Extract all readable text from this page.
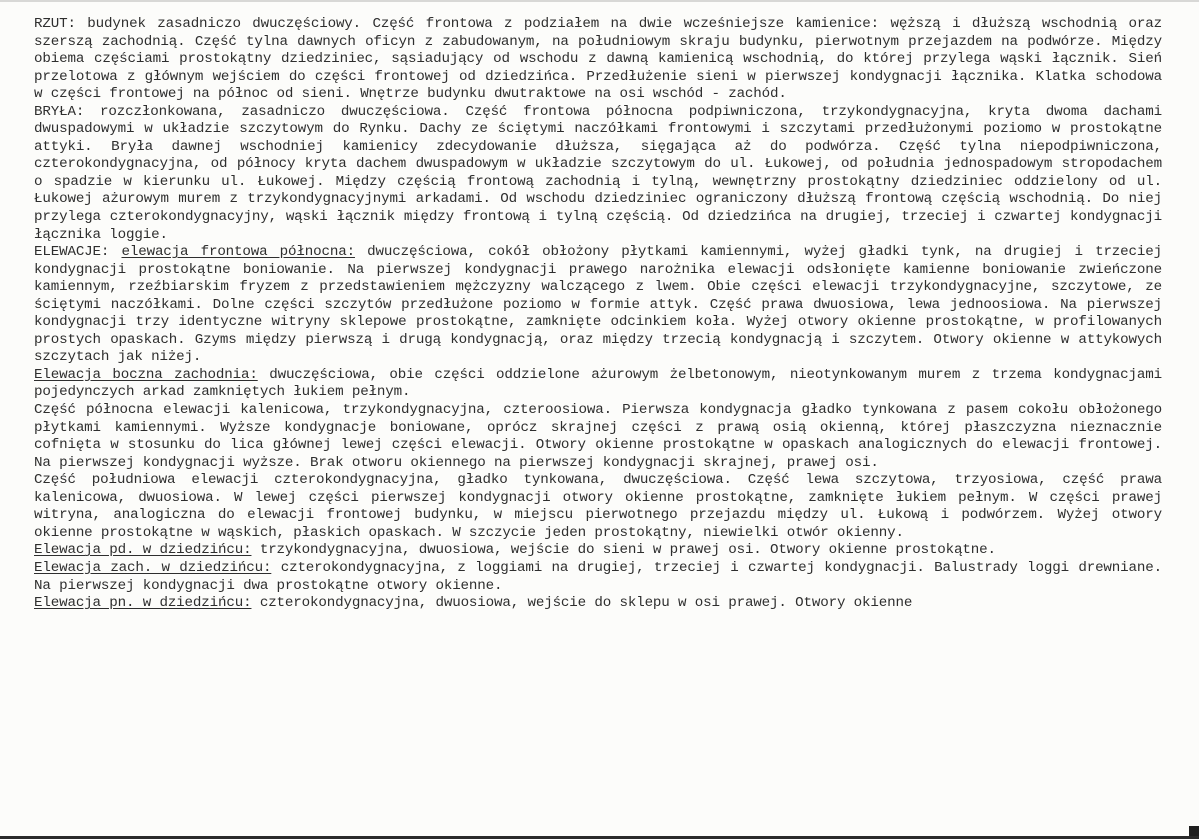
RZUT: budynek zasadniczo dwuczęściowy. Część frontowa z podziałem na dwie wcześniejsze kamienice: węższą i dłuższą wschodnią oraz szerszą zachodnią. Część tylna dawnych oficyn z zabudowanym, na południowym skraju budynku, pierwotnym przejazdem na podwórze. Między obiema częściami prostokątny dziedziniec, sąsiadujący od wschodu z dawną kamienicą wschodnią, do której przylega wąski łącznik. Sień przelotowa z głównym wejściem do części frontowej od dziedzińca. Przedłużenie sieni w pierwszej kondygnacji łącznika. Klatka schodowa w części frontowej na północ od sieni. Wnętrze budynku dwutraktowe na osi wschód - zachód.

BRYŁA: rozczłonkowana, zasadniczo dwuczęściowa. Część frontowa północna podpiwniczona, trzykondygnacyjna, kryta dwoma dachami dwuspadowymi w układzie szczytowym do Rynku. Dachy ze ściętymi naczółkami frontowymi i szczytami przedłużonymi poziomo w prostokątne attyki. Bryła dawnej wschodniej kamienicy zdecydowanie dłuższa, sięgająca aż do podwórza. Część tylna niepodpiwniczona, czterokondygnacyjna, od północy kryta dachem dwuspadowym w układzie szczytowym do ul. Łukowej, od południa jednospadowym stropodachem o spadzie w kierunku ul. Łukowej. Między częścią frontową zachodnią i tylną, wewnętrzny prostokątny dziedziniec oddzielony od ul. Łukowej ażurowym murem z trzykondygnacyjnymi arkadami. Od wschodu dziedziniec ograniczony dłuższą frontową częścią wschodnią. Do niej przylega czterokondygnacyjny, wąski łącznik między frontową i tylną częścią. Od dziedzińca na drugiej, trzeciej i czwartej kondygnacji łącznika loggie.

ELEWACJE: elewacja frontowa północna: dwuczęściowa, cokół obłożony płytkami kamiennymi, wyżej gładki tynk, na drugiej i trzeciej kondygnacji prostokątne boniowanie. Na pierwszej kondygnacji prawego narożnika elewacji odsłonięte kamienne boniowanie zwieńczone kamiennym, rzeźbiarskim fryzem z przedstawieniem mężczyzny walczącego z lwem. Obie części elewacji trzykondygnacyjne, szczytowe, ze ściętymi naczółkami. Dolne części szczytów przedłużone poziomo w formie attyk. Część prawa dwuosiowa, lewa jednoosiowa. Na pierwszej kondygnacji trzy identyczne witryny sklepowe prostokątne, zamknięte odcinkiem koła. Wyżej otwory okienne prostokątne, w profilowanych prostych opaskach. Gzyms między pierwszą i drugą kondygnacją, oraz między trzecią kondygnacją i szczytem. Otwory okienne w attykowych szczytach jak niżej.

Elewacja boczna zachodnia: dwuczęściowa, obie części oddzielone ażurowym żelbetonowym, nieotynkowanym murem z trzema kondygnacjami pojedynczych arkad zamkniętych łukiem pełnym.

Część północna elewacji kalenicowa, trzykondygnacyjna, czteroosiowa. Pierwsza kondygnacja gładko tynkowana z pasem cokołu obłożonego płytkami kamiennymi. Wyższe kondygnacje boniowane, oprócz skrajnej części z prawą osią okienną, której płaszczyzna nieznacznie cofnięta w stosunku do lica głównej lewej części elewacji. Otwory okienne prostokątne w opaskach analogicznych do elewacji frontowej. Na pierwszej kondygnacji wyższe. Brak otworu okiennego na pierwszej kondygnacji skrajnej, prawej osi.

Część południowa elewacji czterokondygnacyjna, gładko tynkowana, dwuczęściowa. Część lewa szczytowa, trzyosiowa, część prawa kalenicowa, dwuosiowa. W lewej części pierwszej kondygnacji otwory okienne prostokątne, zamknięte łukiem pełnym. W części prawej witryna, analogiczna do elewacji frontowej budynku, w miejscu pierwotnego przejazdu między ul. Łukową i podwórzem. Wyżej otwory okienne prostokątne w wąskich, płaskich opaskach. W szczycie jeden prostokątny, niewielki otwór okienny.

Elewacja pd. w dziedzińcu: trzykondygnacyjna, dwuosiowa, wejście do sieni w prawej osi. Otwory okienne prostokątne.

Elewacja zach. w dziedzińcu: czterokondygnacyjna, z loggiami na drugiej, trzeciej i czwartej kondygnacji. Balustrady loggi drewniane. Na pierwszej kondygnacji dwa prostokątne otwory okienne.

Elewacja pn. w dziedzińcu: czterokondygnacyjna, dwuosiowa, wejście do sklepu w osi prawej. Otwory okienne
